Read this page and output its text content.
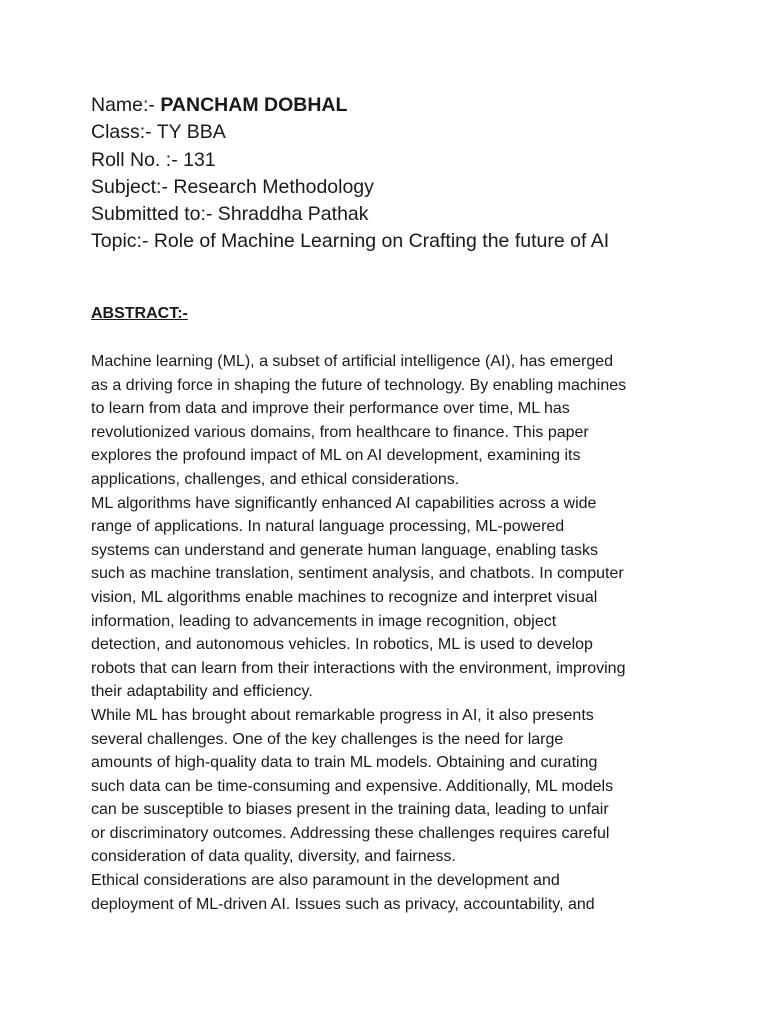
Name:- PANCHAM DOBHAL
Class:- TY BBA
Roll No. :- 131
Subject:- Research Methodology
Submitted to:- Shraddha Pathak
Topic:- Role of Machine Learning on Crafting the future of AI
ABSTRACT:-
Machine learning (ML), a subset of artificial intelligence (AI), has emerged
as a driving force in shaping the future of technology. By enabling machines
to learn from data and improve their performance over time, ML has
revolutionized various domains, from healthcare to finance. This paper
explores the profound impact of ML on AI development, examining its
applications, challenges, and ethical considerations.
ML algorithms have significantly enhanced AI capabilities across a wide
range of applications. In natural language processing, ML-powered
systems can understand and generate human language, enabling tasks
such as machine translation, sentiment analysis, and chatbots. In computer
vision, ML algorithms enable machines to recognize and interpret visual
information, leading to advancements in image recognition, object
detection, and autonomous vehicles. In robotics, ML is used to develop
robots that can learn from their interactions with the environment, improving
their adaptability and efficiency.
While ML has brought about remarkable progress in AI, it also presents
several challenges. One of the key challenges is the need for large
amounts of high-quality data to train ML models. Obtaining and curating
such data can be time-consuming and expensive. Additionally, ML models
can be susceptible to biases present in the training data, leading to unfair
or discriminatory outcomes. Addressing these challenges requires careful
consideration of data quality, diversity, and fairness.
Ethical considerations are also paramount in the development and
deployment of ML-driven AI. Issues such as privacy, accountability, and
